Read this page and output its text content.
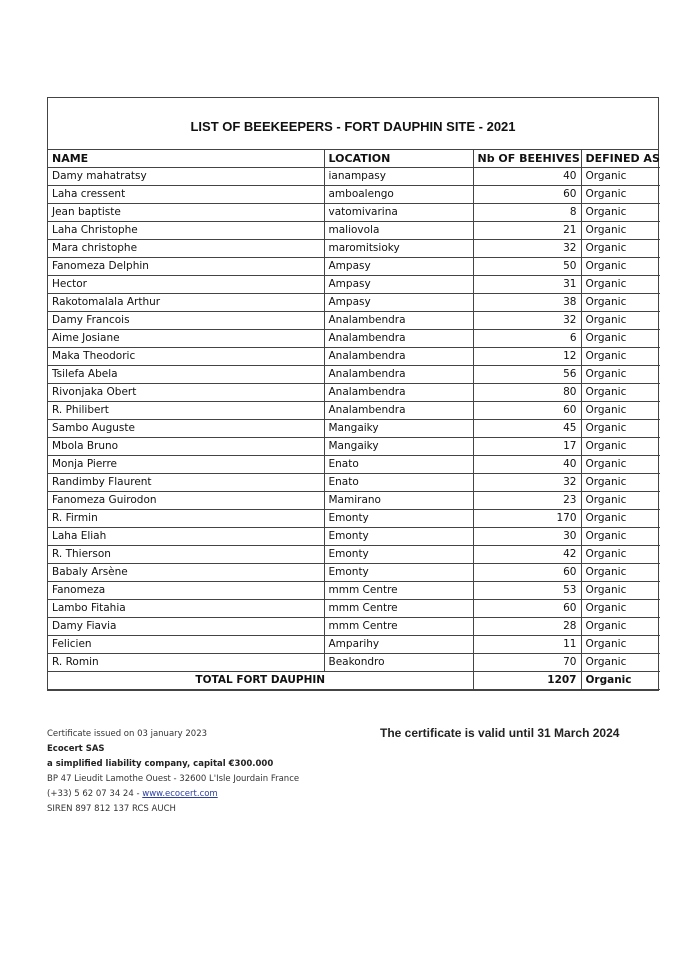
LIST OF BEEKEEPERS - FORT DAUPHIN SITE - 2021
NAME	LOCATION	Nb OF BEEHIVES	DEFINED AS
Damy mahatratsy	ianampasy	40	Organic
Laha cressent	amboalengo	60	Organic
Jean baptiste	vatomivarina	8	Organic
Laha Christophe	maliovola	21	Organic
Mara christophe	maromitsioky	32	Organic
Fanomeza Delphin	Ampasy	50	Organic
Hector	Ampasy	31	Organic
Rakotomalala Arthur	Ampasy	38	Organic
Damy Francois	Analambendra	32	Organic
Aime Josiane	Analambendra	6	Organic
Maka Theodoric	Analambendra	12	Organic
Tsilefa Abela	Analambendra	56	Organic
Rivonjaka Obert	Analambendra	80	Organic
R. Philibert	Analambendra	60	Organic
Sambo Auguste	Mangaiky	45	Organic
Mbola Bruno	Mangaiky	17	Organic
Monja Pierre	Enato	40	Organic
Randimby Flaurent	Enato	32	Organic
Fanomeza Guirodon	Mamirano	23	Organic
R. Firmin	Emonty	170	Organic
Laha Eliah	Emonty	30	Organic
R. Thierson	Emonty	42	Organic
Babaly Arsène	Emonty	60	Organic
Fanomeza	mmm Centre	53	Organic
Lambo Fitahia	mmm Centre	60	Organic
Damy Fiavia	mmm Centre	28	Organic
Felicien	Amparihy	11	Organic
R. Romin	Beakondro	70	Organic
TOTAL FORT DAUPHIN		1207	Organic
Certificate issued on 03 january 2023
Ecocert SAS
a simplified liability company, capital €300.000
BP 47 Lieudit Lamothe Ouest - 32600 L'Isle Jourdain France
(+33) 5 62 07 34 24 - www.ecocert.com
SIREN 897 812 137 RCS AUCH
The certificate is valid until 31 March 2024
